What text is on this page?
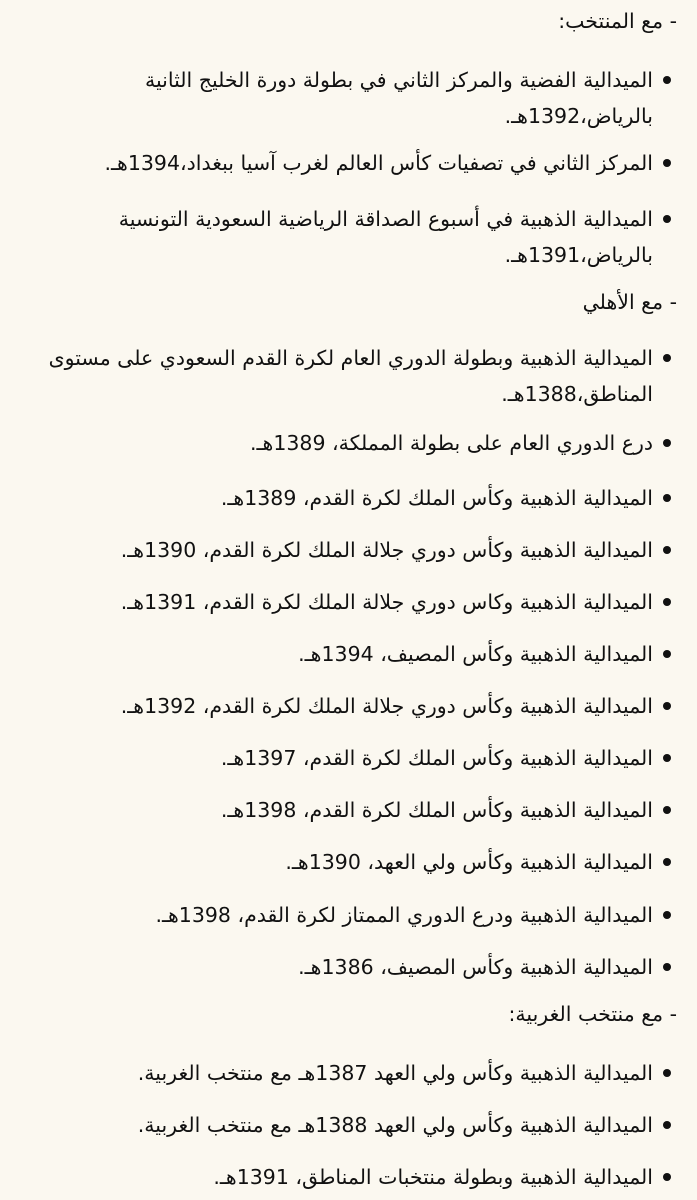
- مع المنتخب:
الميدالية الفضية والمركز الثاني في بطولة دورة الخليج الثانية بالرياض،1392هـ.
المركز الثاني في تصفيات كأس العالم لغرب آسيا ببغداد،1394هـ.
الميدالية الذهبية في أسبوع الصداقة الرياضية السعودية التونسية بالرياض،1391هـ.
- مع الأهلي
الميدالية الذهبية وبطولة الدوري العام لكرة القدم السعودي على مستوى المناطق،1388هـ.
درع الدوري العام على بطولة المملكة، 1389هـ.
الميدالية الذهبية وكأس الملك لكرة القدم، 1389هـ.
الميدالية الذهبية وكأس دوري جلالة الملك لكرة القدم، 1390هـ.
الميدالية الذهبية وكاس دوري جلالة الملك لكرة القدم، 1391هـ.
الميدالية الذهبية وكأس المصيف، 1394هـ.
الميدالية الذهبية وكأس دوري جلالة الملك لكرة القدم، 1392هـ.
الميدالية الذهبية وكأس الملك لكرة القدم، 1397هـ.
الميدالية الذهبية وكأس الملك لكرة القدم، 1398هـ.
الميدالية الذهبية وكأس ولي العهد، 1390هـ.
الميدالية الذهبية ودرع الدوري الممتاز لكرة القدم، 1398هـ.
الميدالية الذهبية وكأس المصيف، 1386هـ.
- مع منتخب الغربية:
الميدالية الذهبية وكأس ولي العهد 1387هـ مع منتخب الغربية.
الميدالية الذهبية وكأس ولي العهد 1388هـ مع منتخب الغربية.
الميدالية الذهبية وبطولة منتخبات المناطق، 1391هـ.
